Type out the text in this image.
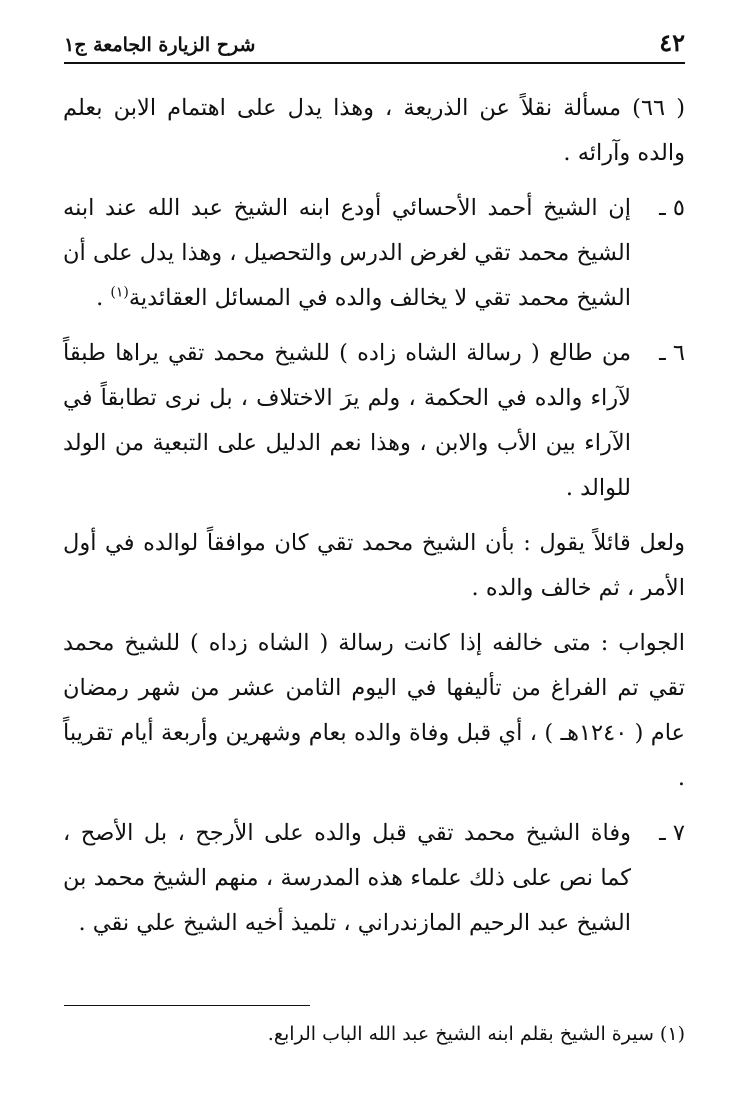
٤٢
شرح الزيارة الجامعة ج١

( ٦٦) مسألة نقلاً عن الذريعة ، وهذا يدل على اهتمام الابن بعلم والده وآرائه .

٥ ـ
إن الشيخ أحمد الأحسائي أودع ابنه الشيخ عبد الله عند ابنه الشيخ محمد تقي لغرض الدرس والتحصيل ، وهذا يدل على أن الشيخ محمد تقي لا يخالف والده في المسائل العقائدية$^{(١)}$ .
٦ ـ
من طالع ( رسالة الشاه زاده ) للشيخ محمد تقي يراها طبقاً لآراء والده في الحكمة ، ولم يرَ الاختلاف ، بل نرى تطابقاً في الآراء بين الأب والابن ، وهذا نعم الدليل على التبعية من الولد للوالد .

ولعل قائلاً يقول : بأن الشيخ محمد تقي كان موافقاً لوالده في أول الأمر ، ثم خالف والده .

الجواب : متى خالفه إذا كانت رسالة ( الشاه زداه ) للشيخ محمد تقي تم الفراغ من تأليفها في اليوم الثامن عشر من شهر رمضان عام ( ١٢٤٠هـ ) ، أي قبل وفاة والده بعام وشهرين وأربعة أيام تقريباً .

٧ ـ
وفاة الشيخ محمد تقي قبل والده على الأرجح ، بل الأصح ، كما نص على ذلك علماء هذه المدرسة ، منهم الشيخ محمد بن الشيخ عبد الرحيم المازندراني ، تلميذ أخيه الشيخ علي نقي .
(١) سيرة الشيخ بقلم ابنه الشيخ عبد الله الباب الرابع.
